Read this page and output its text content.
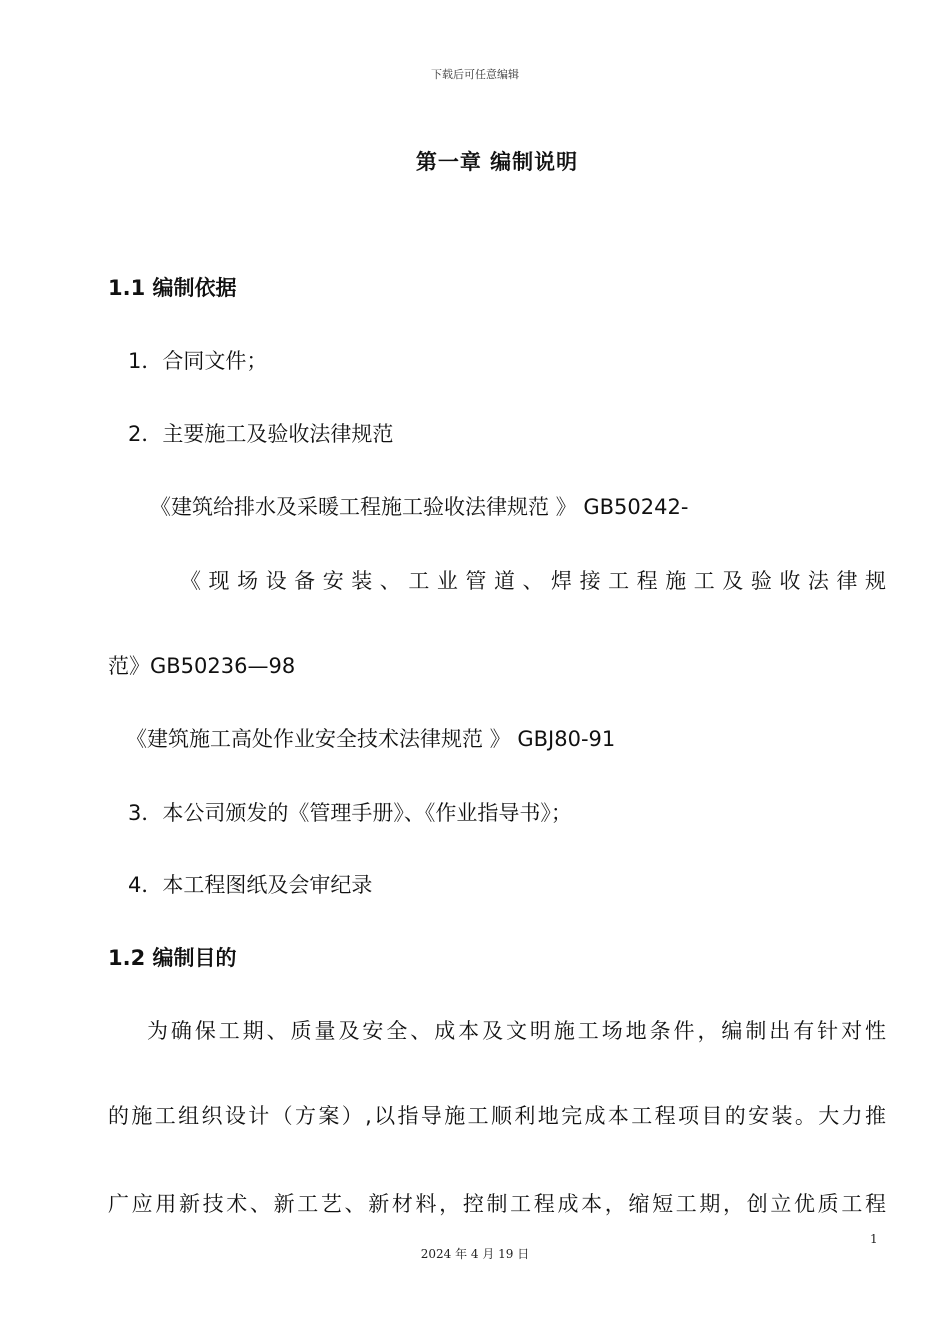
下载后可任意编辑
第一章 编制说明
1.1 编制依据
1．合同文件；
2．主要施工及验收法律规范
《建筑给排水及采暖工程施工验收法律规范 》 GB50242-
《现场设备安装、工业管道、焊接工程施工及验收法律规
范》GB50236—98
《建筑施工高处作业安全技术法律规范 》 GBJ80-91
3．本公司颁发的《管理手册》、《作业指导书》；
4．本工程图纸及会审纪录
1.2 编制目的
为确保工期、质量及安全、成本及文明施工场地条件，编制出有针对性
的施工组织设计（方案）,以指导施工顺利地完成本工程项目的安装。大力推
广应用新技术、新工艺、新材料，控制工程成本，缩短工期，创立优质工程
1
2024 年 4 月 19 日
